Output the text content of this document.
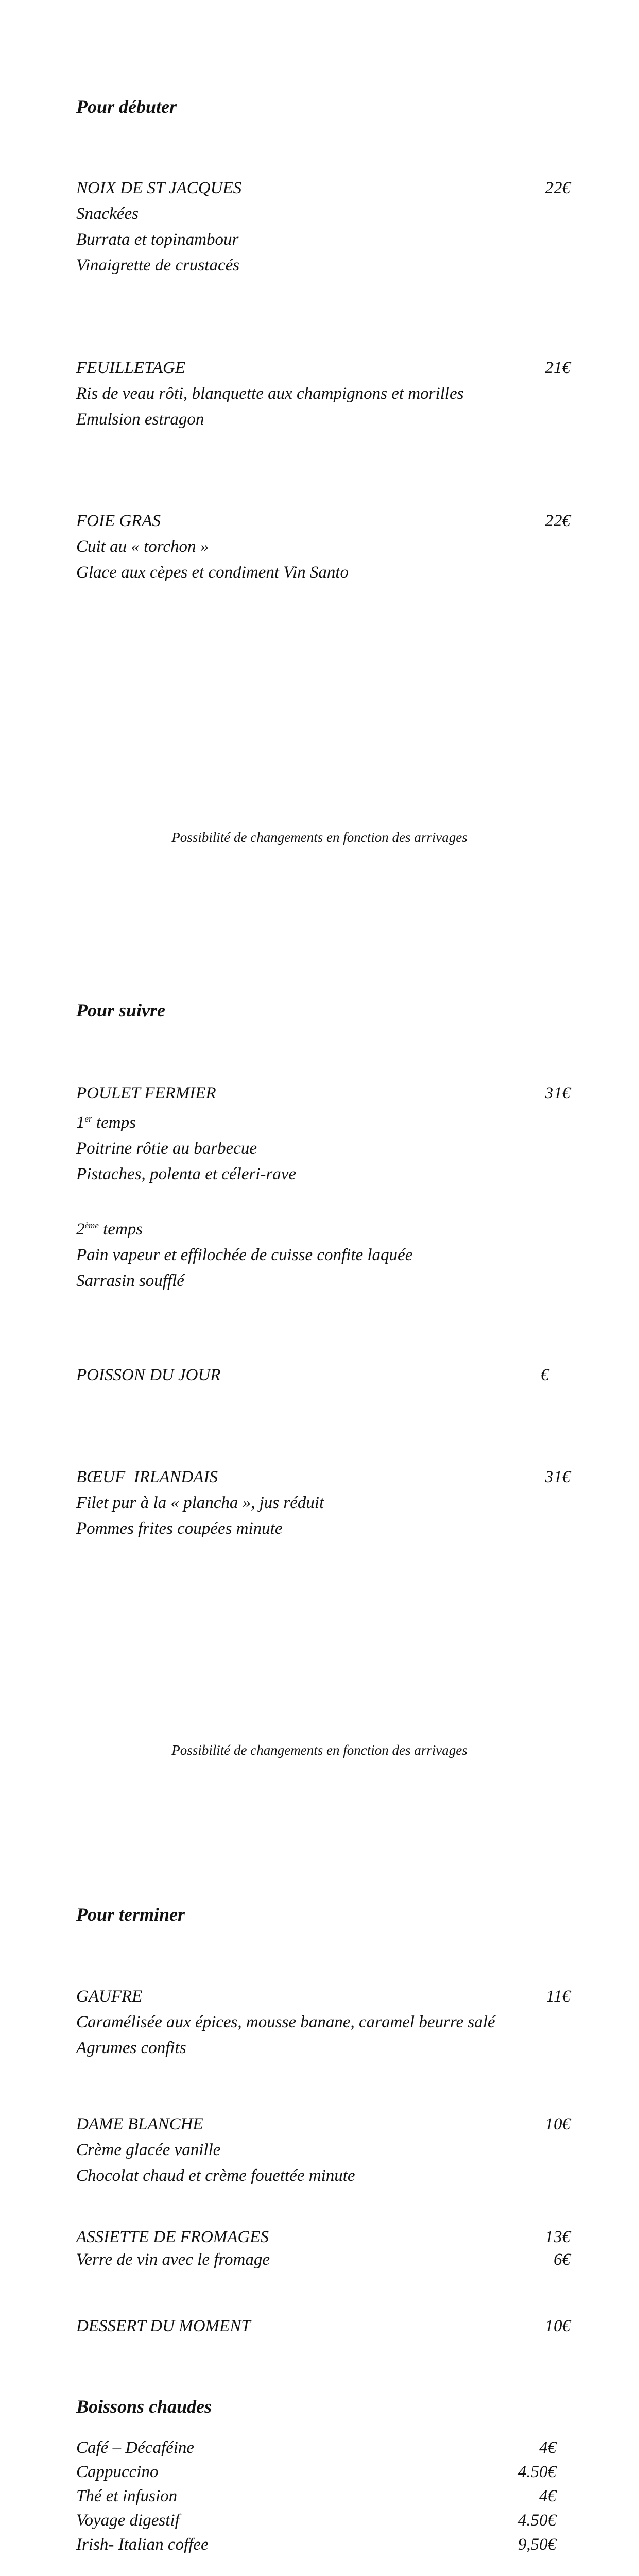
Pour débuter
NOIX DE ST JACQUES	22€
Snackées
Burrata et topinambour
Vinaigrette de crustacés
FEUILLETAGE	21€
Ris de veau rôti, blanquette aux champignons et morilles
Emulsion estragon
FOIE GRAS	22€
Cuit au « torchon »
Glace aux cèpes et condiment Vin Santo
Possibilité de changements en fonction des arrivages
Pour suivre
POULET FERMIER	31€
1er temps
Poitrine rôtie au barbecue
Pistaches, polenta et céleri-rave
2ème temps
Pain vapeur et effilochée de cuisse confite laquée
Sarrasin soufflé
POISSON DU JOUR	€
BŒUF  IRLANDAIS	31€
Filet pur à la « plancha », jus réduit
Pommes frites coupées minute
Possibilité de changements en fonction des arrivages
Pour terminer
GAUFRE	11€
Caramélisée aux épices, mousse banane, caramel beurre salé
Agrumes confits
DAME BLANCHE	10€
Crème glacée vanille
Chocolat chaud et crème fouettée minute
ASSIETTE DE FROMAGES	13€
Verre de vin avec le fromage	6€
DESSERT DU MOMENT	10€
Boissons chaudes
Café – Décaféine	4€
Cappuccino	4.50€
Thé et infusion	4€
Voyage digestif	4.50€
Irish- Italian coffee	9,50€
